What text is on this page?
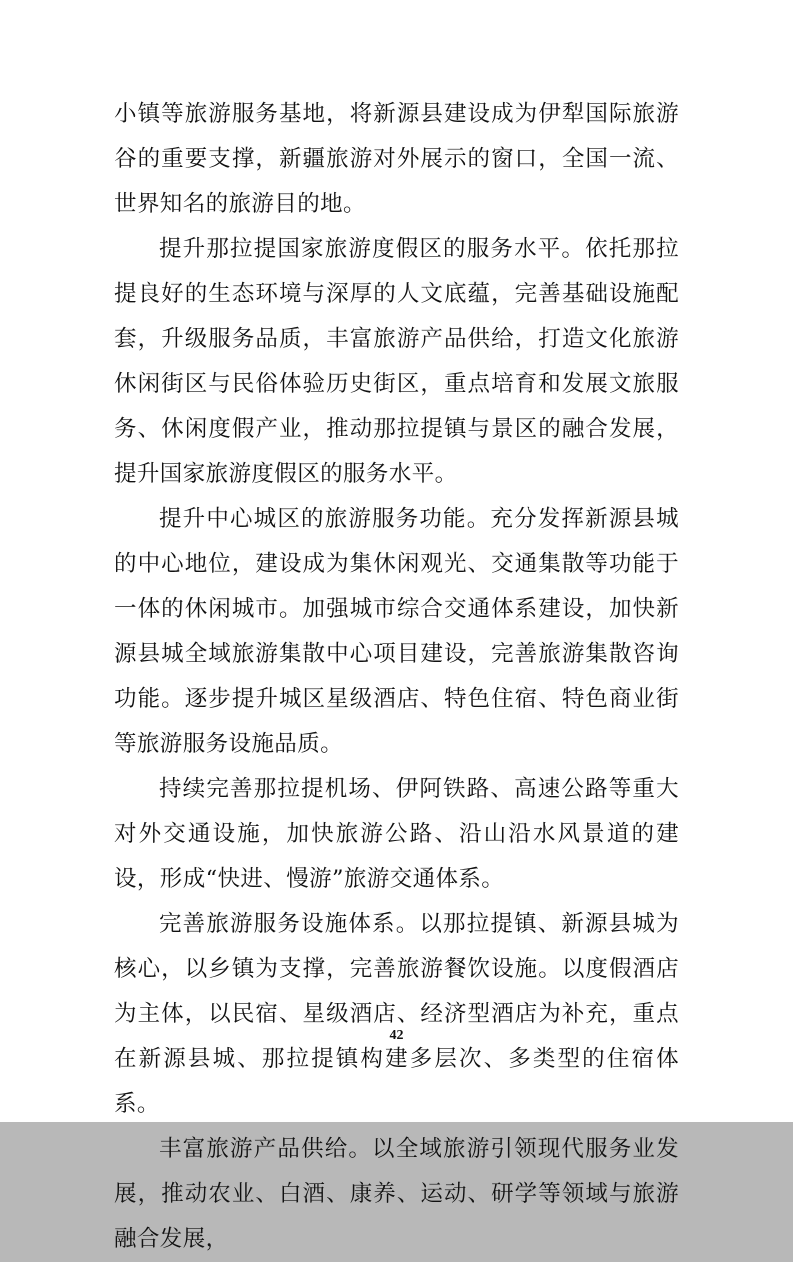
小镇等旅游服务基地，将新源县建设成为伊犁国际旅游谷的重要支撑，新疆旅游对外展示的窗口，全国一流、世界知名的旅游目的地。

提升那拉提国家旅游度假区的服务水平。依托那拉提良好的生态环境与深厚的人文底蕴，完善基础设施配套，升级服务品质，丰富旅游产品供给，打造文化旅游休闲街区与民俗体验历史街区，重点培育和发展文旅服务、休闲度假产业，推动那拉提镇与景区的融合发展，提升国家旅游度假区的服务水平。

提升中心城区的旅游服务功能。充分发挥新源县城的中心地位，建设成为集休闲观光、交通集散等功能于一体的休闲城市。加强城市综合交通体系建设，加快新源县城全域旅游集散中心项目建设，完善旅游集散咨询功能。逐步提升城区星级酒店、特色住宿、特色商业街等旅游服务设施品质。

持续完善那拉提机场、伊阿铁路、高速公路等重大对外交通设施，加快旅游公路、沿山沿水风景道的建设，形成“快进、慢游”旅游交通体系。

完善旅游服务设施体系。以那拉提镇、新源县城为核心，以乡镇为支撑，完善旅游餐饮设施。以度假酒店为主体，以民宿、星级酒店、经济型酒店为补充，重点在新源县城、那拉提镇构建多层次、多类型的住宿体系。

丰富旅游产品供给。以全域旅游引领现代服务业发展，推动农业、白酒、康养、运动、研学等领域与旅游融合发展，

42
